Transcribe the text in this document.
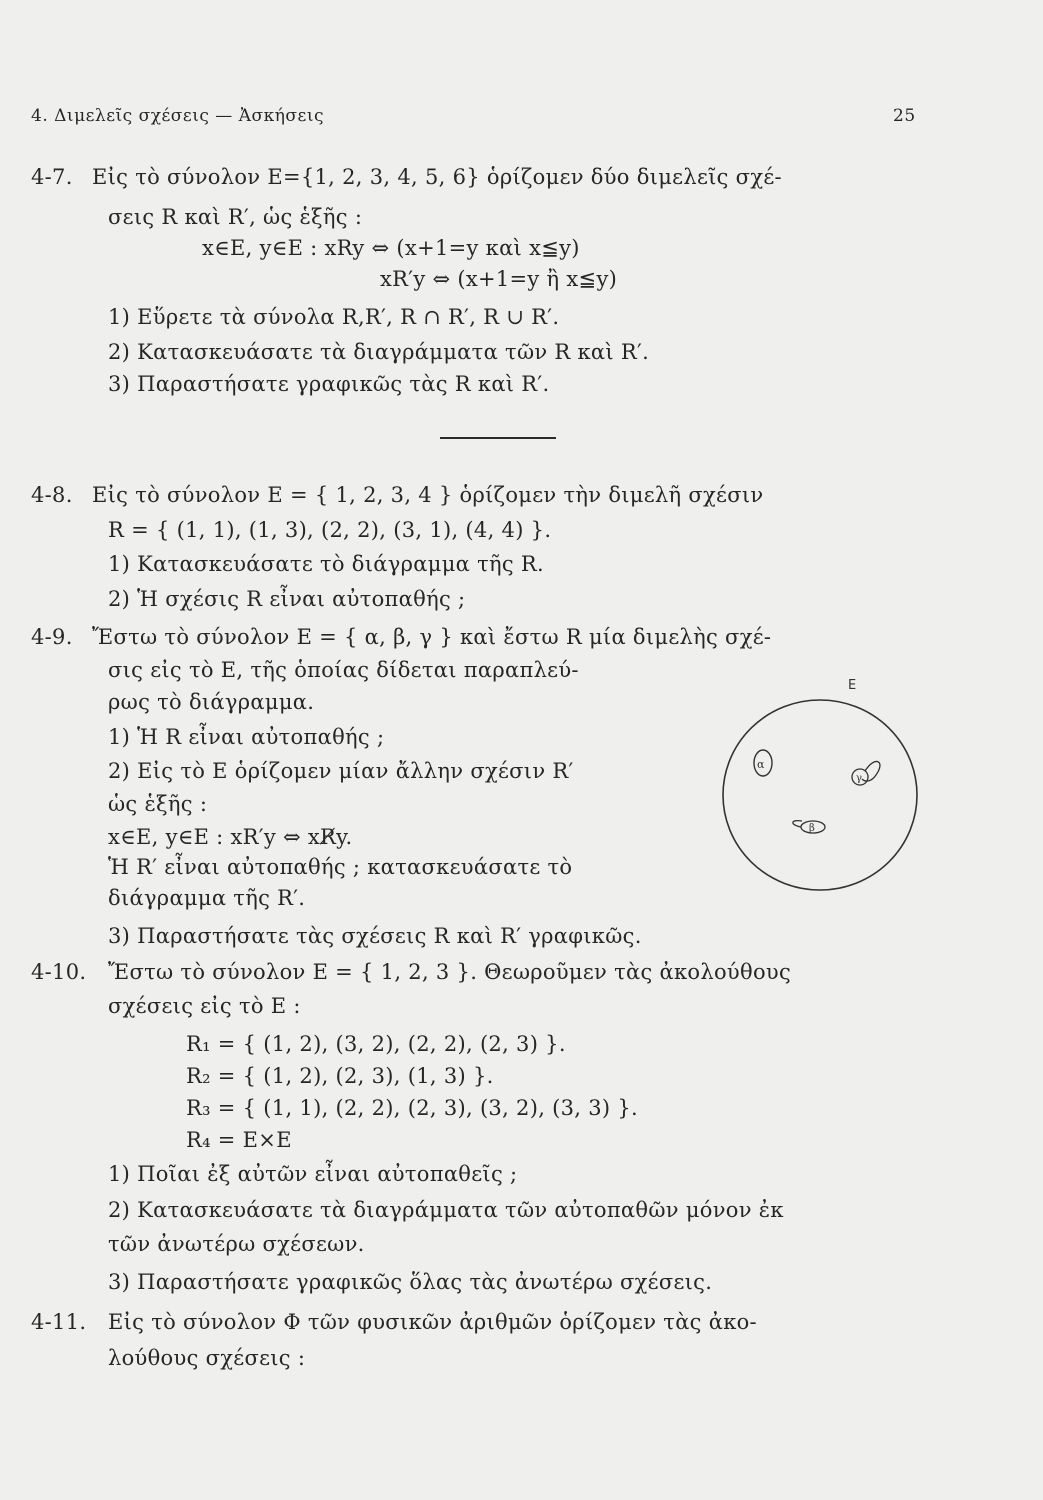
4. Διμελεῖς σχέσεις — Ἀσκήσεις	25
4-7. Εἰς τὸ σύνολον E={1, 2, 3, 4, 5, 6} ὁρίζομεν δύο διμελεῖς σχέ-
σεις R καὶ R′, ὡς ἑξῆς :
x∈E, y∈E : xRy ⇔ (x+1=y καὶ x≦y)
xR′y ⇔ (x+1=y ἢ x≦y)
1) Εὕρετε τὰ σύνολα R,R′, R ∩ R′, R ∪ R′.
2) Κατασκευάσατε τὰ διαγράμματα τῶν R καὶ R′.
3) Παραστήσατε γραφικῶς τὰς R καὶ R′.
4-8. Εἰς τὸ σύνολον E = { 1, 2, 3, 4 } ὁρίζομεν τὴν διμελῆ σχέσιν
R = { (1, 1), (1, 3), (2, 2), (3, 1), (4, 4) }.
1) Κατασκευάσατε τὸ διάγραμμα τῆς R.
2) Ἡ σχέσις R εἶναι αὐτοπαθής ;
4-9. Ἔστω τὸ σύνολον E = { α, β, γ } καὶ ἔστω R μία διμελὴς σχέ-
σις εἰς τὸ E, τῆς ὁποίας δίδεται παραπλεύ-
ρως τὸ διάγραμμα.
1) Ἡ R εἶναι αὐτοπαθής ;
2) Εἰς τὸ E ὁρίζομεν μίαν ἄλλην σχέσιν R′
ὡς ἑξῆς :
x∈E, y∈E : xR′y ⇔ xR̸y.
Ἡ R′ εἶναι αὐτοπαθής ; κατασκευάσατε τὸ
διάγραμμα τῆς R′.
3) Παραστήσατε τὰς σχέσεις R καὶ R′ γραφικῶς.
E
α
γ
β
4-10. Ἔστω τὸ σύνολον E = { 1, 2, 3 }. Θεωροῦμεν τὰς ἀκολούθους
σχέσεις εἰς τὸ E :
R₁ = { (1, 2), (3, 2), (2, 2), (2, 3) }.
R₂ = { (1, 2), (2, 3), (1, 3) }.
R₃ = { (1, 1), (2, 2), (2, 3), (3, 2), (3, 3) }.
R₄ = E×E
1) Ποῖαι ἐξ αὐτῶν εἶναι αὐτοπαθεῖς ;
2) Κατασκευάσατε τὰ διαγράμματα τῶν αὐτοπαθῶν μόνον ἐκ
τῶν ἀνωτέρω σχέσεων.
3) Παραστήσατε γραφικῶς ὅλας τὰς ἀνωτέρω σχέσεις.
4-11. Εἰς τὸ σύνολον Φ τῶν φυσικῶν ἀριθμῶν ὁρίζομεν τὰς ἀκο-
λούθους σχέσεις :
